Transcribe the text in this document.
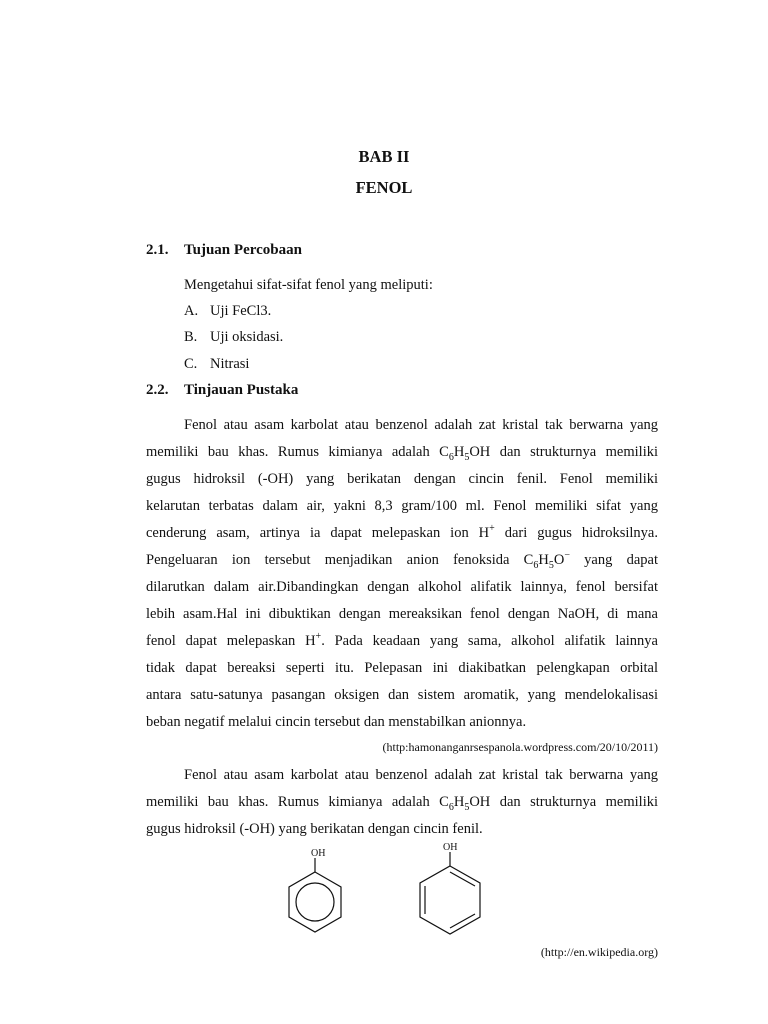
BAB II
FENOL
2.1. Tujuan Percobaan
Mengetahui sifat-sifat fenol yang meliputi:
A. Uji FeCl3.
B. Uji oksidasi.
C. Nitrasi
2.2. Tinjauan Pustaka
Fenol atau asam karbolat atau benzenol adalah zat kristal tak berwarna yang
memiliki bau khas. Rumus kimianya adalah $C_6H_5OH$ dan strukturnya memiliki
gugus hidroksil (-OH) yang berikatan dengan cincin fenil. Fenol memiliki
kelarutan terbatas dalam air, yakni 8,3 gram/100 ml. Fenol memiliki sifat yang
cenderung asam, artinya ia dapat melepaskan ion H+ dari gugus hidroksilnya.
Pengeluaran ion tersebut menjadikan anion fenoksida $C_6H_5O^-$ yang dapat
dilarutkan dalam air.Dibandingkan dengan alkohol alifatik lainnya, fenol bersifat
lebih asam.Hal ini dibuktikan dengan mereaksikan fenol dengan NaOH, di mana
fenol dapat melepaskan H+. Pada keadaan yang sama, alkohol alifatik lainnya
tidak dapat bereaksi seperti itu. Pelepasan ini diakibatkan pelengkapan orbital
antara satu-satunya pasangan oksigen dan sistem aromatik, yang mendelokalisasi
beban negatif melalui cincin tersebut dan menstabilkan anionnya.
(http:hamonanganrsespanola.wordpress.com/20/10/2011)
Fenol atau asam karbolat atau benzenol adalah zat kristal tak berwarna yang
memiliki bau khas. Rumus kimianya adalah $C_6H_5OH$ dan strukturnya memiliki
gugus hidroksil (-OH) yang berikatan dengan cincin fenil.
OH
OH
(http://en.wikipedia.org)
